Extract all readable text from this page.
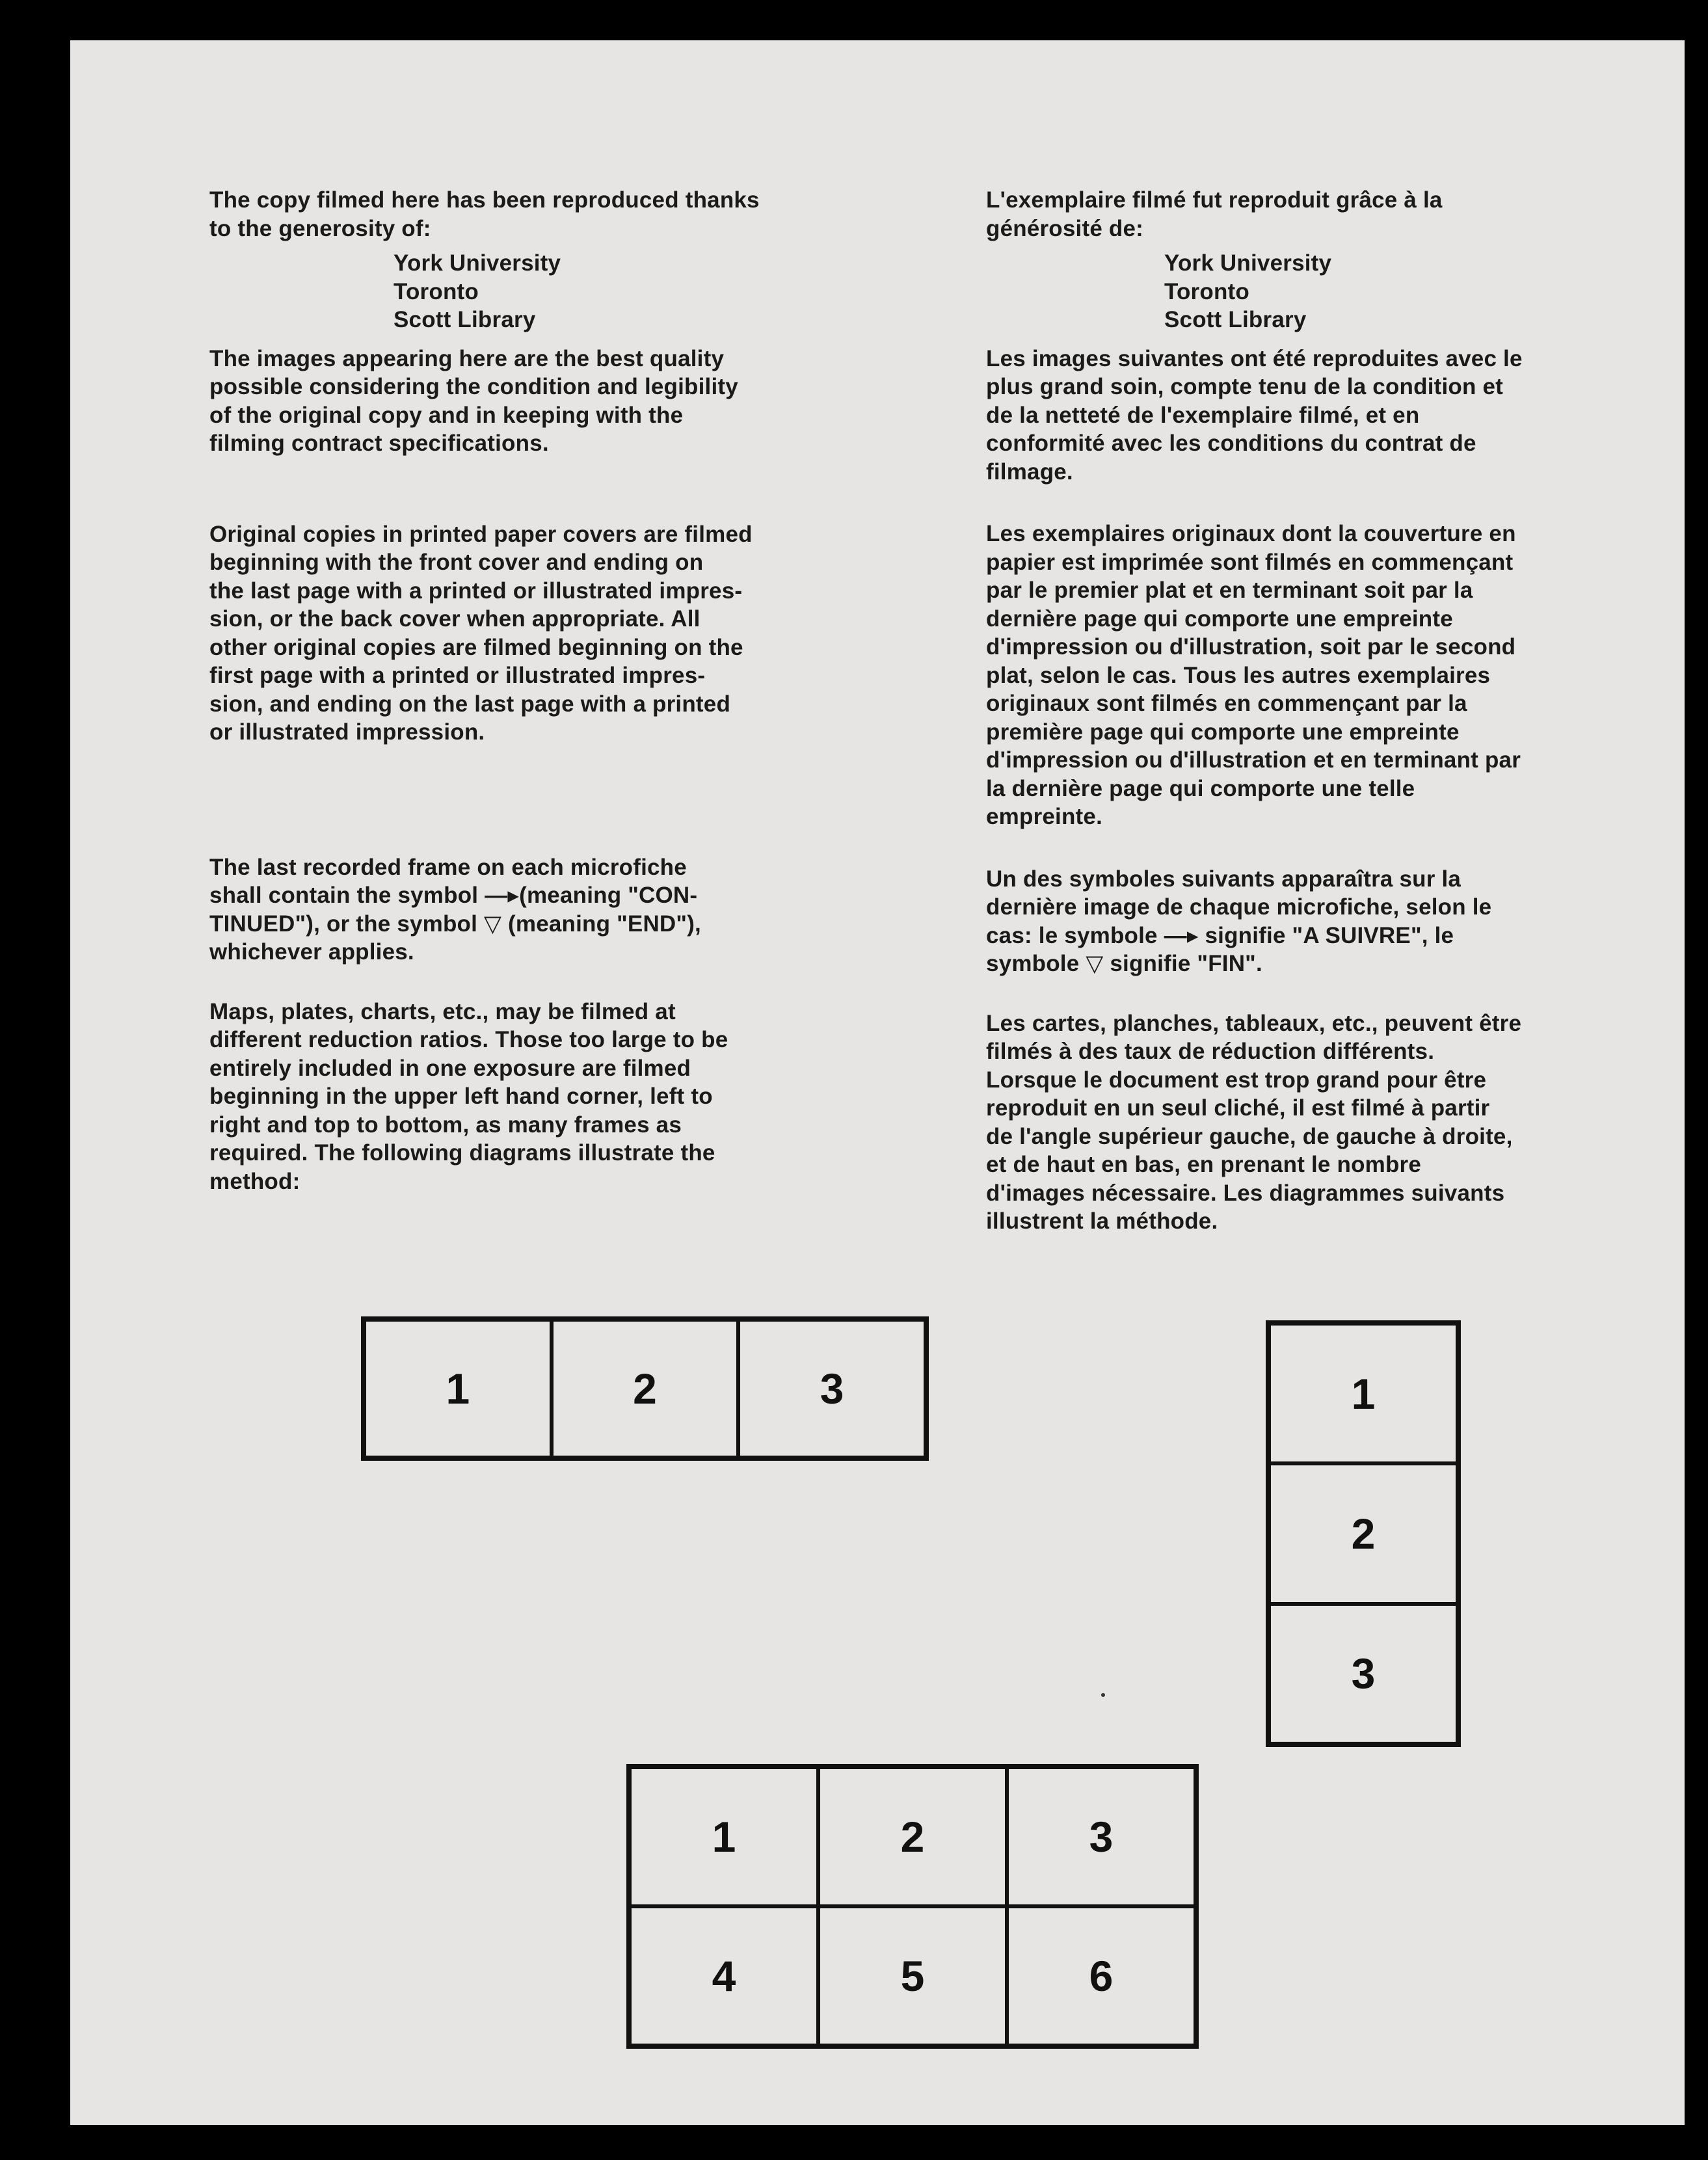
The copy filmed here has been reproduced thanks
to the generosity of:

York University
Toronto
Scott Library

The images appearing here are the best quality
possible considering the condition and legibility
of the original copy and in keeping with the
filming contract specifications.

Original copies in printed paper covers are filmed
beginning with the front cover and ending on
the last page with a printed or illustrated impres-
sion, or the back cover when appropriate. All
other original copies are filmed beginning on the
first page with a printed or illustrated impres-
sion, and ending on the last page with a printed
or illustrated impression.

The last recorded frame on each microfiche
shall contain the symbol —▸(meaning "CON-
TINUED"), or the symbol ▽ (meaning "END"),
whichever applies.

Maps, plates, charts, etc., may be filmed at
different reduction ratios. Those too large to be
entirely included in one exposure are filmed
beginning in the upper left hand corner, left to
right and top to bottom, as many frames as
required. The following diagrams illustrate the
method:

L'exemplaire filmé fut reproduit grâce à la
générosité de:

York University
Toronto
Scott Library

Les images suivantes ont été reproduites avec le
plus grand soin, compte tenu de la condition et
de la netteté de l'exemplaire filmé, et en
conformité avec les conditions du contrat de
filmage.

Les exemplaires originaux dont la couverture en
papier est imprimée sont filmés en commençant
par le premier plat et en terminant soit par la
dernière page qui comporte une empreinte
d'impression ou d'illustration, soit par le second
plat, selon le cas. Tous les autres exemplaires
originaux sont filmés en commençant par la
première page qui comporte une empreinte
d'impression ou d'illustration et en terminant par
la dernière page qui comporte une telle
empreinte.

Un des symboles suivants apparaîtra sur la
dernière image de chaque microfiche, selon le
cas: le symbole —▸ signifie "A SUIVRE", le
symbole ▽ signifie "FIN".

Les cartes, planches, tableaux, etc., peuvent être
filmés à des taux de réduction différents.
Lorsque le document est trop grand pour être
reproduit en un seul cliché, il est filmé à partir
de l'angle supérieur gauche, de gauche à droite,
et de haut en bas, en prenant le nombre
d'images nécessaire. Les diagrammes suivants
illustrent la méthode.

1	2	3	1
2
3
1	2	3
4	5	6
